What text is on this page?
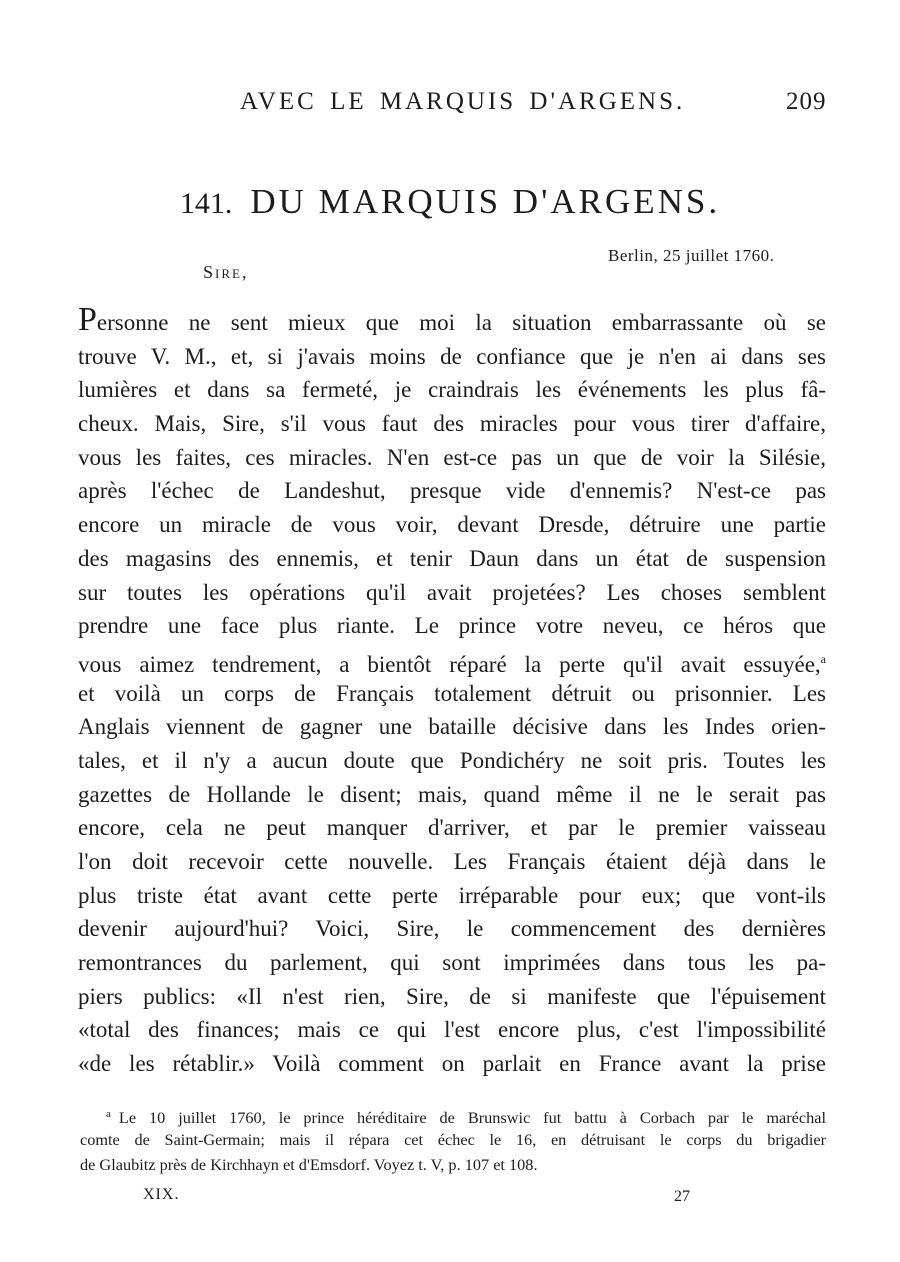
AVEC LE MARQUIS D'ARGENS.	209
141. DU MARQUIS D'ARGENS.
Berlin, 25 juillet 1760.
Sire,
Personne ne sent mieux que moi la situation embarrassante où se
trouve V. M., et, si j'avais moins de confiance que je n'en ai dans ses
lumières et dans sa fermeté, je craindrais les événements les plus fâ-
cheux. Mais, Sire, s'il vous faut des miracles pour vous tirer d'affaire,
vous les faites, ces miracles. N'en est-ce pas un que de voir la Silésie,
après l'échec de Landeshut, presque vide d'ennemis? N'est-ce pas
encore un miracle de vous voir, devant Dresde, détruire une partie
des magasins des ennemis, et tenir Daun dans un état de suspension
sur toutes les opérations qu'il avait projetées? Les choses semblent
prendre une face plus riante. Le prince votre neveu, ce héros que
vous aimez tendrement, a bientôt réparé la perte qu'il avait essuyée,$^a$
et voilà un corps de Français totalement détruit ou prisonnier. Les
Anglais viennent de gagner une bataille décisive dans les Indes orien-
tales, et il n'y a aucun doute que Pondichéry ne soit pris. Toutes les
gazettes de Hollande le disent; mais, quand même il ne le serait pas
encore, cela ne peut manquer d'arriver, et par le premier vaisseau
l'on doit recevoir cette nouvelle. Les Français étaient déjà dans le
plus triste état avant cette perte irréparable pour eux; que vont-ils
devenir aujourd'hui? Voici, Sire, le commencement des dernières
remontrances du parlement, qui sont imprimées dans tous les pa-
piers publics: «Il n'est rien, Sire, de si manifeste que l'épuisement
«total des finances; mais ce qui l'est encore plus, c'est l'impossibilité
«de les rétablir.» Voilà comment on parlait en France avant la prise
$^a$ Le 10 juillet 1760, le prince héréditaire de Brunswic fut battu à Corbach par le maréchal
comte de Saint-Germain; mais il répara cet échec le 16, en détruisant le corps du brigadier
de Glaubitz près de Kirchhayn et d'Emsdorf. Voyez t. V, p. 107 et 108.
XIX.	27
